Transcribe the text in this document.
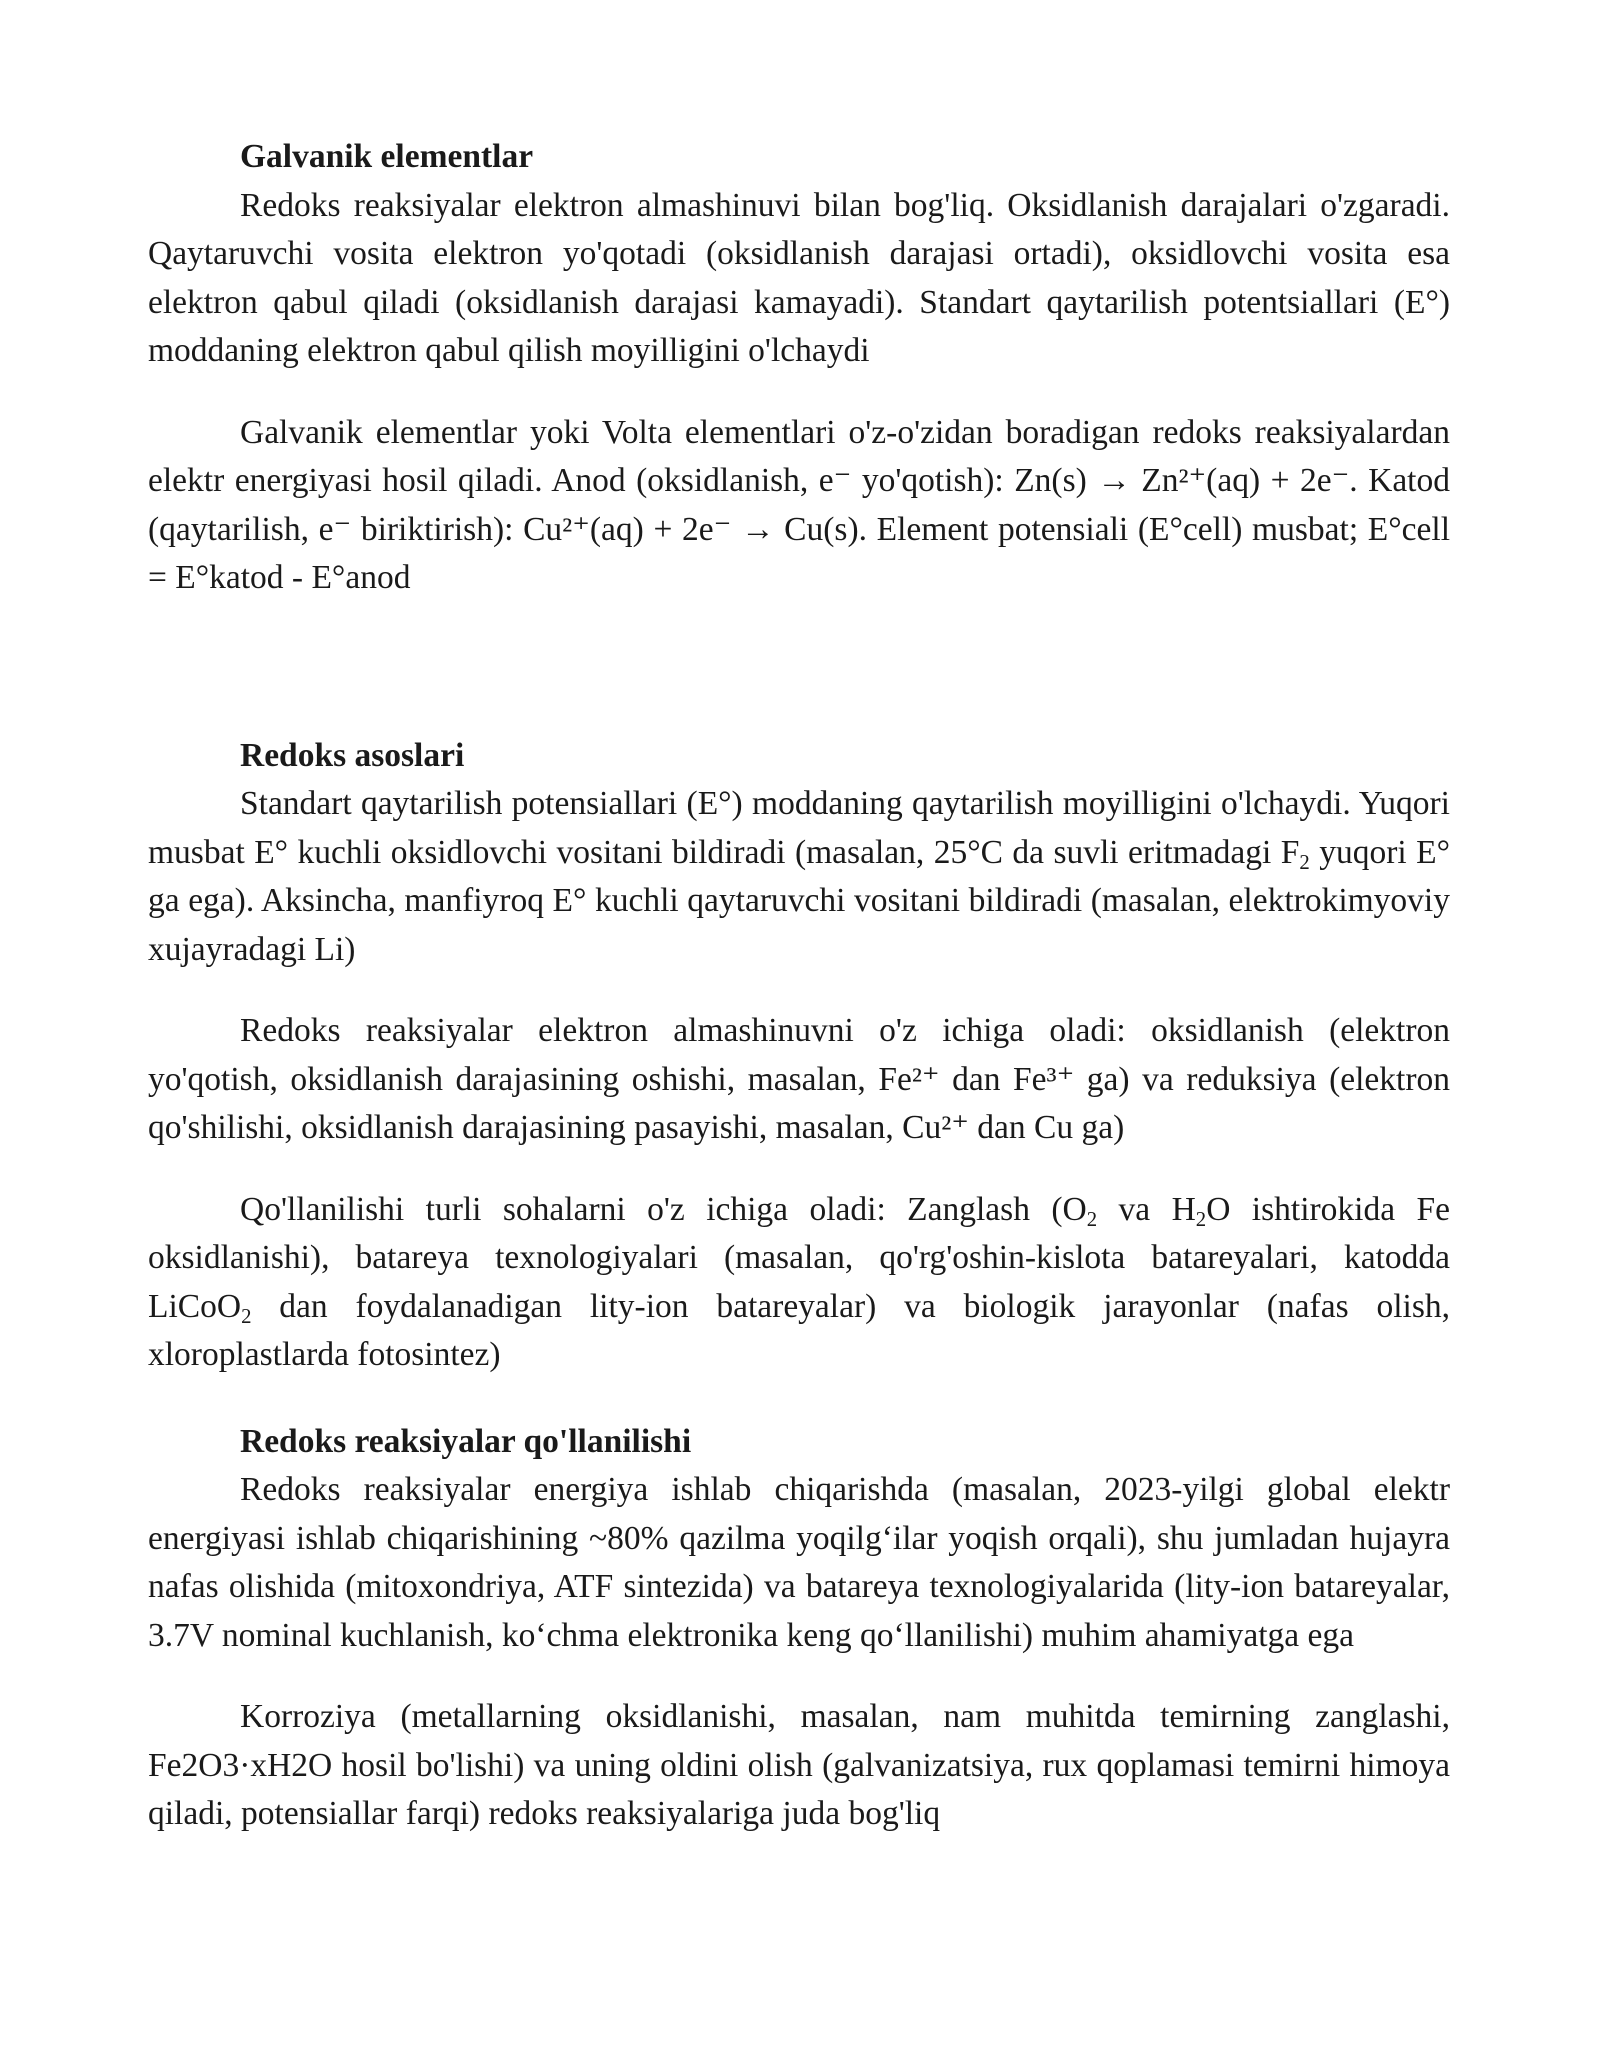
Galvanik elementlar

Redoks reaksiyalar elektron almashinuvi bilan bog'liq. Oksidlanish darajalari o'zgaradi. Qaytaruvchi vosita elektron yo'qotadi (oksidlanish darajasi ortadi), oksidlovchi vosita esa elektron qabul qiladi (oksidlanish darajasi kamayadi). Standart qaytarilish potentsiallari (E°) moddaning elektron qabul qilish moyilligini o'lchaydi

Galvanik elementlar yoki Volta elementlari o'z-o'zidan boradigan redoks reaksiyalardan elektr energiyasi hosil qiladi. Anod (oksidlanish, e⁻ yo'qotish): Zn(s) → Zn²⁺(aq) + 2e⁻. Katod (qaytarilish, e⁻ biriktirish): Cu²⁺(aq) + 2e⁻ → Cu(s). Element potensiali (E°cell) musbat; E°cell = E°katod - E°anod

Redoks asoslari

Standart qaytarilish potensiallari (E°) moddaning qaytarilish moyilligini o'lchaydi. Yuqori musbat E° kuchli oksidlovchi vositani bildiradi (masalan, 25°C da suvli eritmadagi $F_2$ yuqori E° ga ega). Aksincha, manfiyroq E° kuchli qaytaruvchi vositani bildiradi (masalan, elektrokimyoviy xujayradagi Li)

Redoks reaksiyalar elektron almashinuvni o'z ichiga oladi: oksidlanish (elektron yo'qotish, oksidlanish darajasining oshishi, masalan, Fe²⁺ dan Fe³⁺ ga) va reduksiya (elektron qo'shilishi, oksidlanish darajasining pasayishi, masalan, Cu²⁺ dan Cu ga)

Qo'llanilishi turli sohalarni o'z ichiga oladi: Zanglash ($O_2$ va $H_2O$ ishtirokida Fe oksidlanishi), batareya texnologiyalari (masalan, qo'rg'oshin-kislota batareyalari, katodda LiCoO$_2$ dan foydalanadigan lity-ion batareyalar) va biologik jarayonlar (nafas olish, xloroplastlarda fotosintez)

Redoks reaksiyalar qo'llanilishi

Redoks reaksiyalar energiya ishlab chiqarishda (masalan, 2023-yilgi global elektr energiyasi ishlab chiqarishining ~80% qazilma yoqilg‘ilar yoqish orqali), shu jumladan hujayra nafas olishida (mitoxondriya, ATF sintezida) va batareya texnologiyalarida (lity-ion batareyalar, 3.7V nominal kuchlanish, ko‘chma elektronika keng qo‘llanilishi) muhim ahamiyatga ega

Korroziya (metallarning oksidlanishi, masalan, nam muhitda temirning zanglashi, Fe2O3·xH2O hosil bo'lishi) va uning oldini olish (galvanizatsiya, rux qoplamasi temirni himoya qiladi, potensiallar farqi) redoks reaksiyalariga juda bog'liq
